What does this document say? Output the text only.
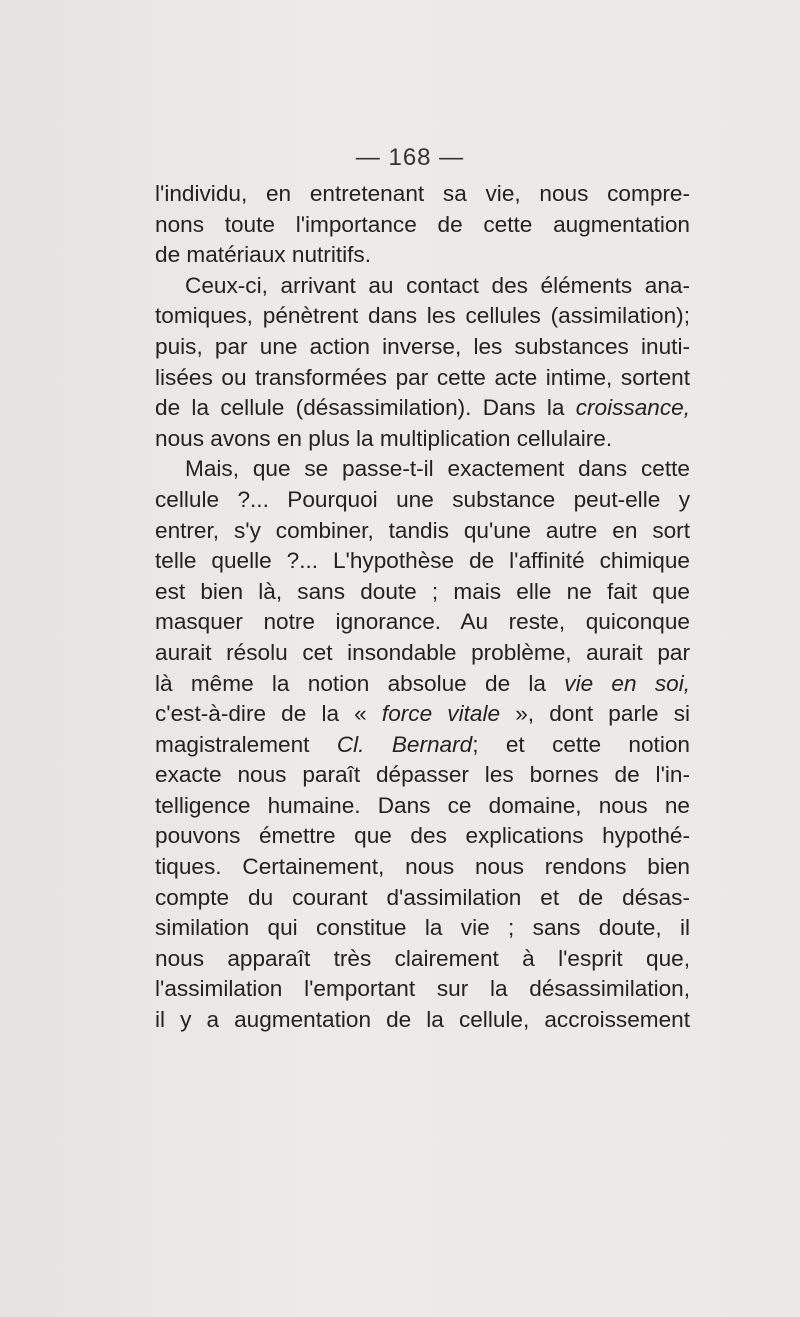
— 168 —

l'individu, en entretenant sa vie, nous compre-
nons toute l'importance de cette augmentation
de matériaux nutritifs.

Ceux-ci, arrivant au contact des éléments ana-
tomiques, pénètrent dans les cellules (assimilation);
puis, par une action inverse, les substances inuti-
lisées ou transformées par cette acte intime, sortent
de la cellule (désassimilation). Dans la croissance,
nous avons en plus la multiplication cellulaire.

Mais, que se passe-t-il exactement dans cette
cellule ?... Pourquoi une substance peut-elle y
entrer, s'y combiner, tandis qu'une autre en sort
telle quelle ?... L'hypothèse de l'affinité chimique
est bien là, sans doute ; mais elle ne fait que
masquer notre ignorance. Au reste, quiconque
aurait résolu cet insondable problème, aurait par
là même la notion absolue de la vie en soi,
c'est-à-dire de la « force vitale », dont parle si
magistralement Cl. Bernard; et cette notion
exacte nous paraît dépasser les bornes de l'in-
telligence humaine. Dans ce domaine, nous ne
pouvons émettre que des explications hypothé-
tiques. Certainement, nous nous rendons bien
compte du courant d'assimilation et de désas-
similation qui constitue la vie ; sans doute, il
nous apparaît très clairement à l'esprit que,
l'assimilation l'emportant sur la désassimilation,
il y a augmentation de la cellule, accroissement
